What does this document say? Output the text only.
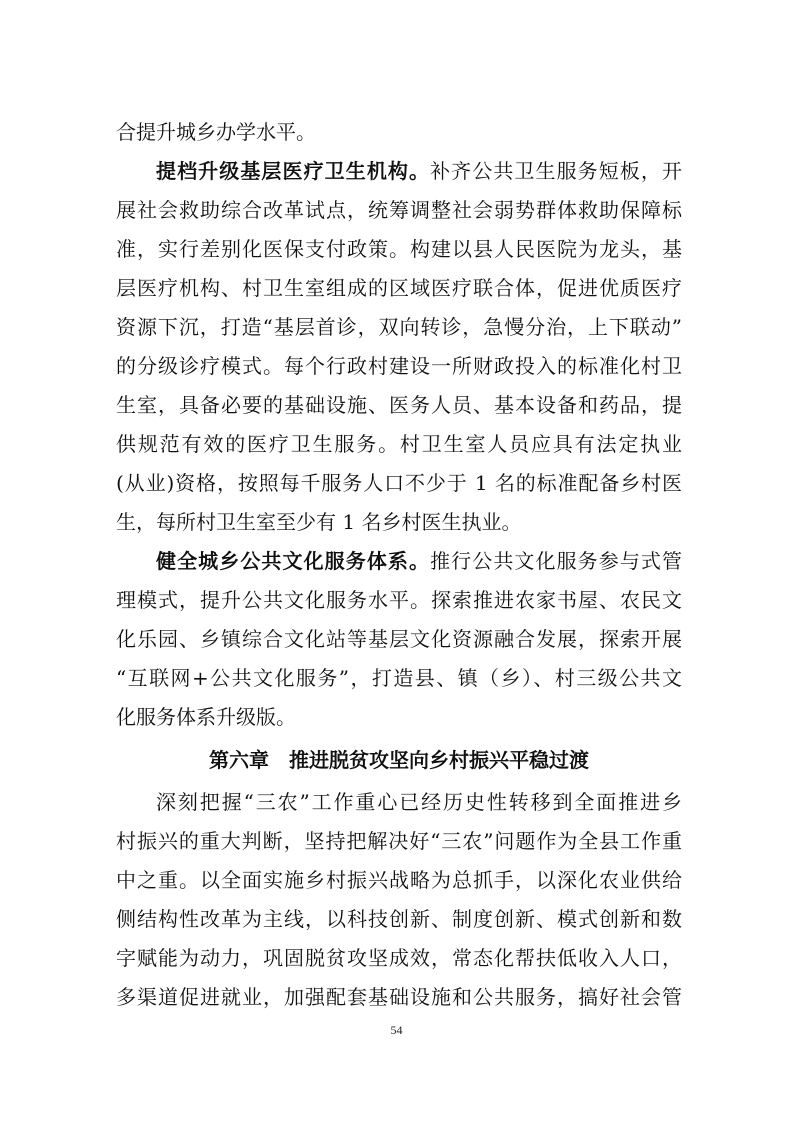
合提升城乡办学水平。
提档升级基层医疗卫生机构。补齐公共卫生服务短板，开
展社会救助综合改革试点，统筹调整社会弱势群体救助保障标
准，实行差别化医保支付政策。构建以县人民医院为龙头，基
层医疗机构、村卫生室组成的区域医疗联合体，促进优质医疗
资源下沉，打造“基层首诊，双向转诊，急慢分治，上下联动”
的分级诊疗模式。每个行政村建设一所财政投入的标准化村卫
生室，具备必要的基础设施、医务人员、基本设备和药品，提
供规范有效的医疗卫生服务。村卫生室人员应具有法定执业
(从业)资格，按照每千服务人口不少于 1 名的标准配备乡村医
生，每所村卫生室至少有 1 名乡村医生执业。
健全城乡公共文化服务体系。推行公共文化服务参与式管
理模式，提升公共文化服务水平。探索推进农家书屋、农民文
化乐园、乡镇综合文化站等基层文化资源融合发展，探索开展
“互联网+公共文化服务”，打造县、镇（乡）、村三级公共文
化服务体系升级版。
第六章　推进脱贫攻坚向乡村振兴平稳过渡
深刻把握“三农”工作重心已经历史性转移到全面推进乡
村振兴的重大判断，坚持把解决好“三农”问题作为全县工作重
中之重。以全面实施乡村振兴战略为总抓手，以深化农业供给
侧结构性改革为主线，以科技创新、制度创新、模式创新和数
字赋能为动力，巩固脱贫攻坚成效，常态化帮扶低收入人口，
多渠道促进就业，加强配套基础设施和公共服务，搞好社会管
54
